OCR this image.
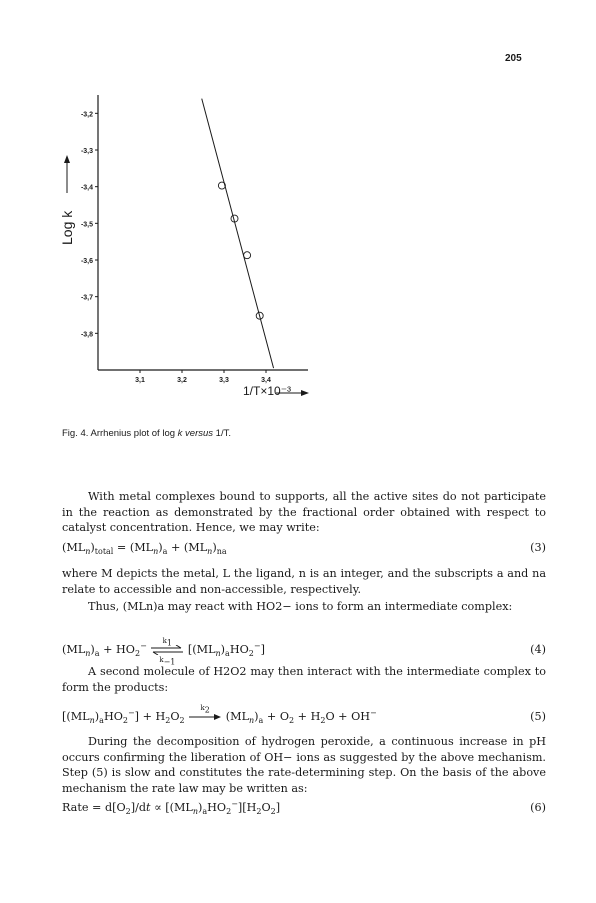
205
-3,2
-3,3
-3,4
-3,5
-3,6
-3,7
-3,8
3,1	3,2	3,3	3,4
Log k
1/T×10⁻³
Fig. 4. Arrhenius plot of log k versus 1/T.
With metal complexes bound to supports, all the active sites do not participate in the reaction as demonstrated by the fractional order obtained with respect to catalyst concentration. Hence, we may write:
$(ML_n)_{total} = (ML_n)_a + (ML_n)_{na}$	(3)
where M depicts the metal, L the ligand, n is an integer, and the subscripts a and na relate to accessible and non-accessible, respectively.
Thus, (MLn)a may react with HO2− ions to form an intermediate complex:
$(ML_n)_a + HO_2^-$
$k_1$
$k_{-1}$
$[(ML_n)_aHO_2^-]$	(4)
A second molecule of H2O2 may then interact with the intermediate complex to form the products:
$[(ML_n)_aHO_2^-] + H_2O_2$
$k_2$
$(ML_n)_a + O_2 + H_2O + OH^-$	(5)
During the decomposition of hydrogen peroxide, a continuous increase in pH occurs confirming the liberation of OH− ions as suggested by the above mechanism. Step (5) is slow and constitutes the rate-determining step. On the basis of the above mechanism the rate law may be written as:
Rate = $d[O_2]/dt \propto [(ML_n)_aHO_2^-][H_2O_2]$	(6)
